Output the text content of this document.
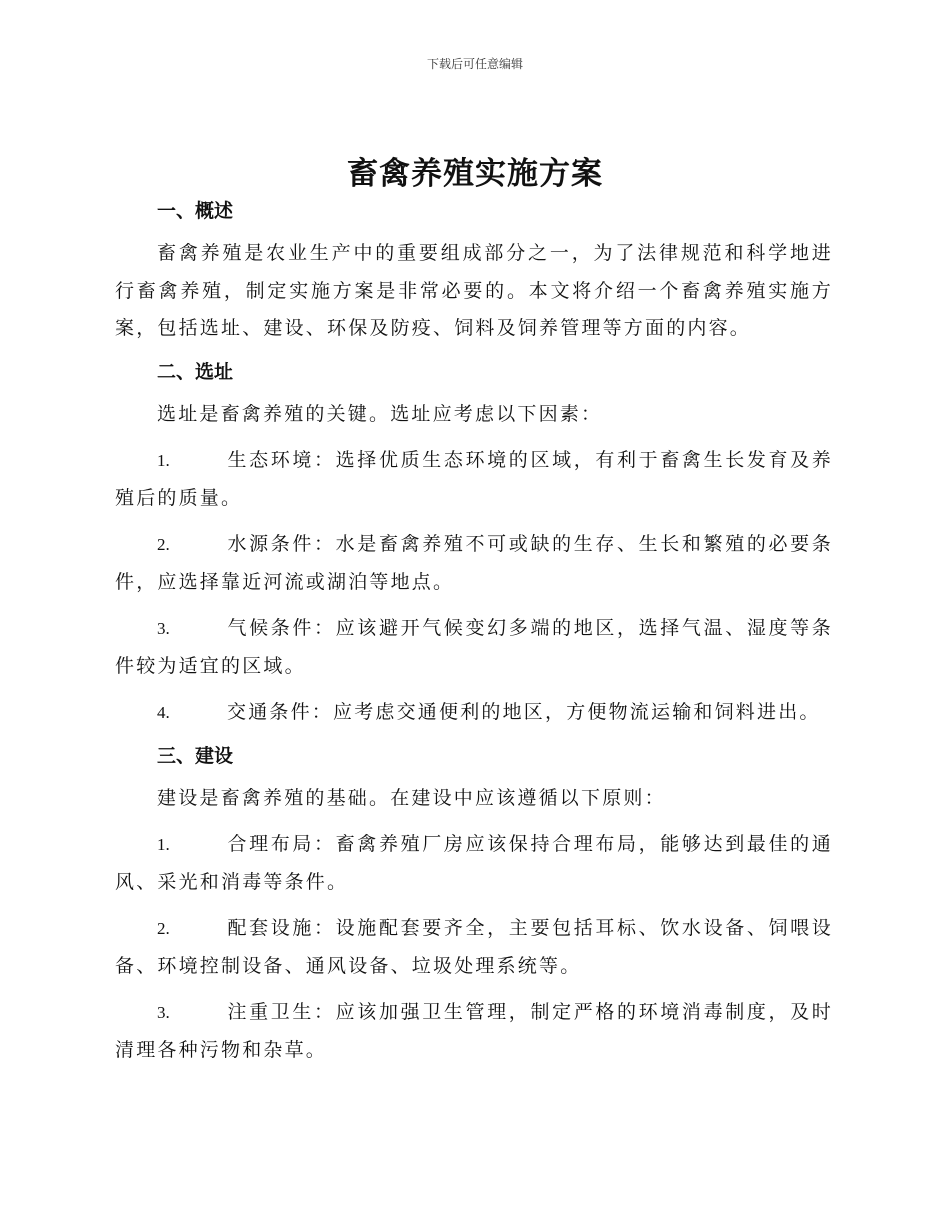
下载后可任意编辑
畜禽养殖实施方案

一、概述

畜禽养殖是农业生产中的重要组成部分之一，为了法律规范和科学地进行畜禽养殖，制定实施方案是非常必要的。本文将介绍一个畜禽养殖实施方案，包括选址、建设、环保及防疫、饲料及饲养管理等方面的内容。

二、选址

选址是畜禽养殖的关键。选址应考虑以下因素：

1.	生态环境：选择优质生态环境的区域，有利于畜禽生长发育及养殖后的质量。

2.	水源条件：水是畜禽养殖不可或缺的生存、生长和繁殖的必要条件，应选择靠近河流或湖泊等地点。

3.	气候条件：应该避开气候变幻多端的地区，选择气温、湿度等条件较为适宜的区域。

4.	交通条件：应考虑交通便利的地区，方便物流运输和饲料进出。

三、建设

建设是畜禽养殖的基础。在建设中应该遵循以下原则：

1.	合理布局：畜禽养殖厂房应该保持合理布局，能够达到最佳的通风、采光和消毒等条件。

2.	配套设施：设施配套要齐全，主要包括耳标、饮水设备、饲喂设备、环境控制设备、通风设备、垃圾处理系统等。

3.	注重卫生：应该加强卫生管理，制定严格的环境消毒制度，及时清理各种污物和杂草。
